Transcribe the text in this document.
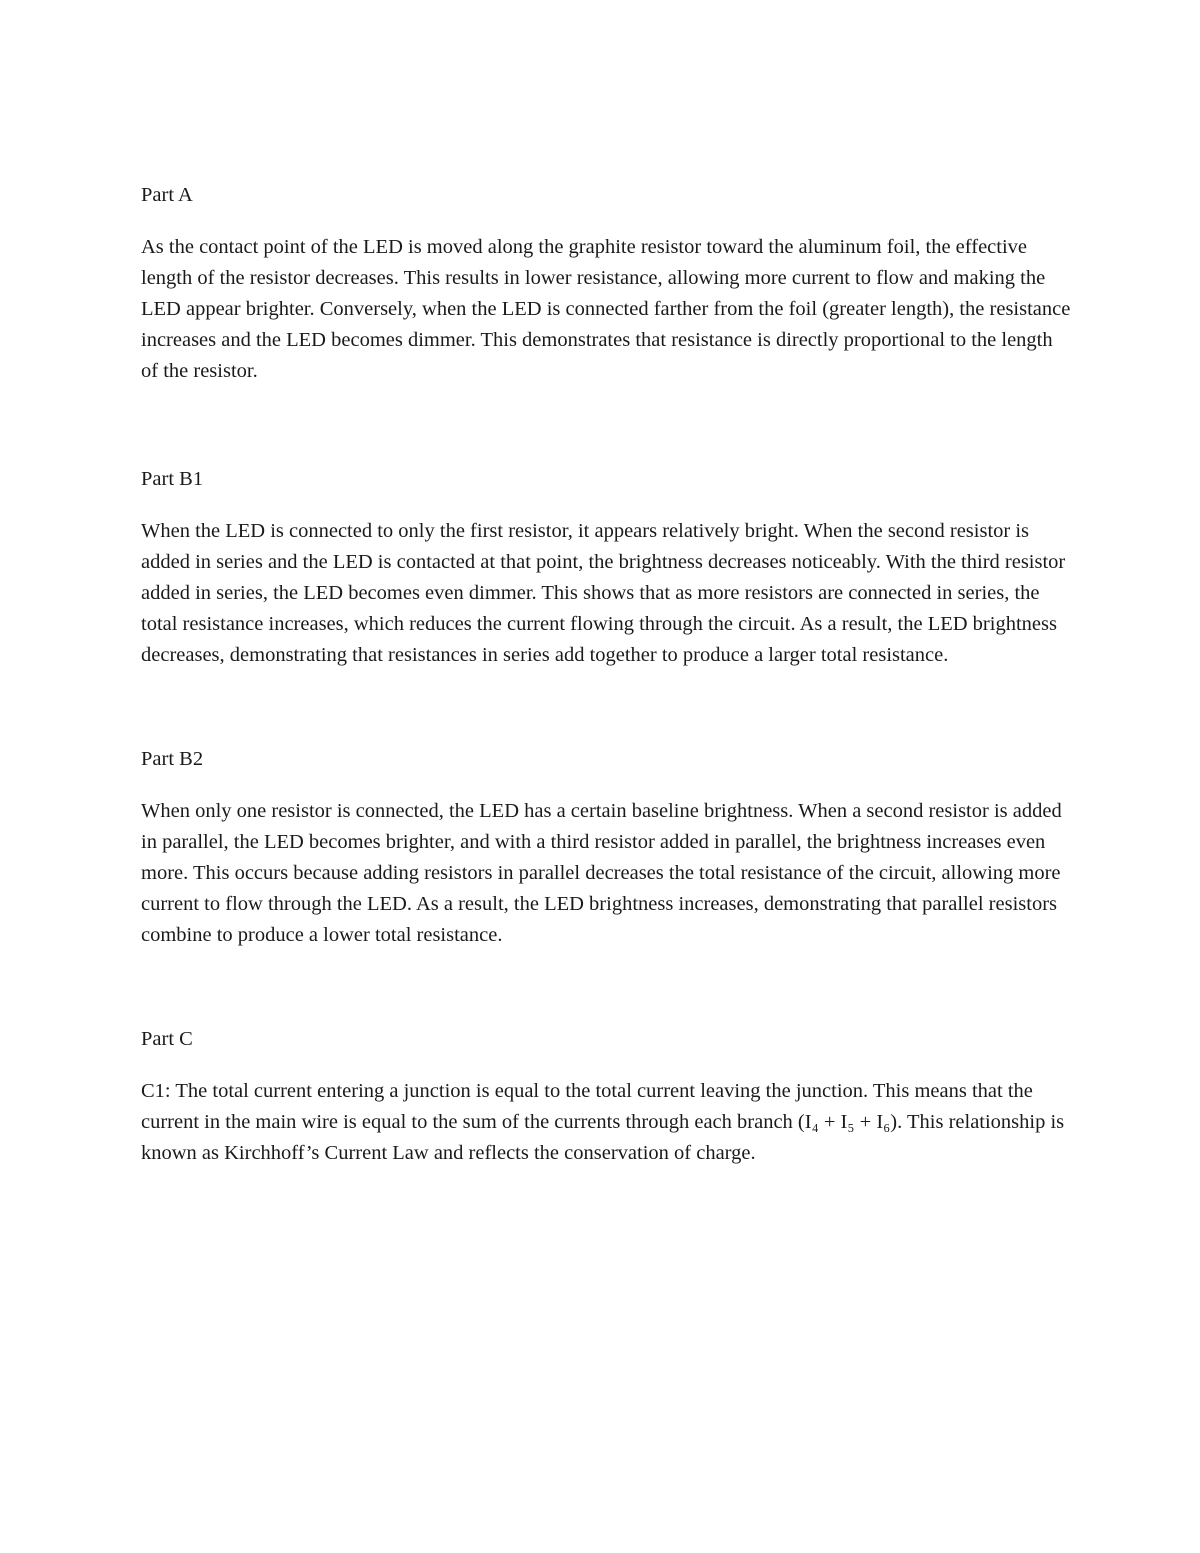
Part A

As the contact point of the LED is moved along the graphite resistor toward the aluminum foil, the effective length of the resistor decreases. This results in lower resistance, allowing more current to flow and making the LED appear brighter. Conversely, when the LED is connected farther from the foil (greater length), the resistance increases and the LED becomes dimmer. This demonstrates that resistance is directly proportional to the length of the resistor.

Part B1

When the LED is connected to only the first resistor, it appears relatively bright. When the second resistor is added in series and the LED is contacted at that point, the brightness decreases noticeably. With the third resistor added in series, the LED becomes even dimmer. This shows that as more resistors are connected in series, the total resistance increases, which reduces the current flowing through the circuit. As a result, the LED brightness decreases, demonstrating that resistances in series add together to produce a larger total resistance.

Part B2

When only one resistor is connected, the LED has a certain baseline brightness. When a second resistor is added in parallel, the LED becomes brighter, and with a third resistor added in parallel, the brightness increases even more. This occurs because adding resistors in parallel decreases the total resistance of the circuit, allowing more current to flow through the LED. As a result, the LED brightness increases, demonstrating that parallel resistors combine to produce a lower total resistance.

Part C

C1: The total current entering a junction is equal to the total current leaving the junction. This means that the current in the main wire is equal to the sum of the currents through each branch (I₄ + I₅ + I₆). This relationship is known as Kirchhoff’s Current Law and reflects the conservation of charge.
